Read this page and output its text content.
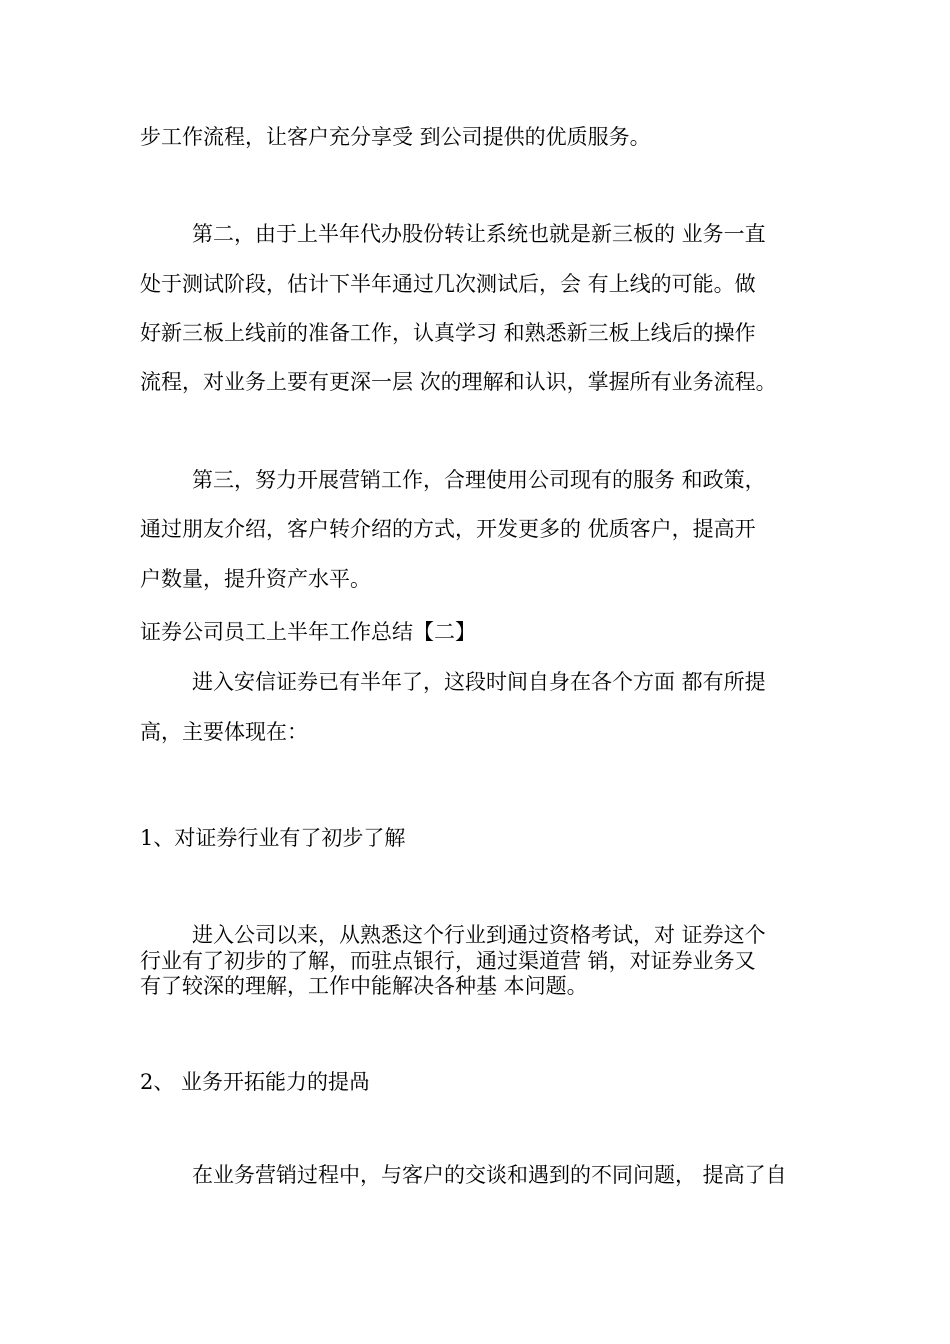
步工作流程，让客户充分享受 到公司提供的优质服务。
第二，由于上半年代办股份转让系统也就是新三板的 业务一直
处于测试阶段，估计下半年通过几次测试后，会 有上线的可能。做
好新三板上线前的准备工作，认真学习 和熟悉新三板上线后的操作
流程，对业务上要有更深一层 次的理解和认识，掌握所有业务流程。
第三，努力开展营销工作，合理使用公司现有的服务 和政策，
通过朋友介绍，客户转介绍的方式，开发更多的 优质客户，提高开
户数量，提升资产水平。
证券公司员工上半年工作总结【二】
进入安信证券已有半年了，这段时间自身在各个方面 都有所提
高，主要体现在：
1、对证券行业有了初步了解
进入公司以来，从熟悉这个行业到通过资格考试，对 证券这个
行业有了初步的了解，而驻点银行，通过渠道营 销，对证券业务又
有了较深的理解，工作中能解决各种基 本问题。
2、 业务开拓能力的提咼
在业务营销过程中，与客户的交谈和遇到的不同问题， 提高了自
